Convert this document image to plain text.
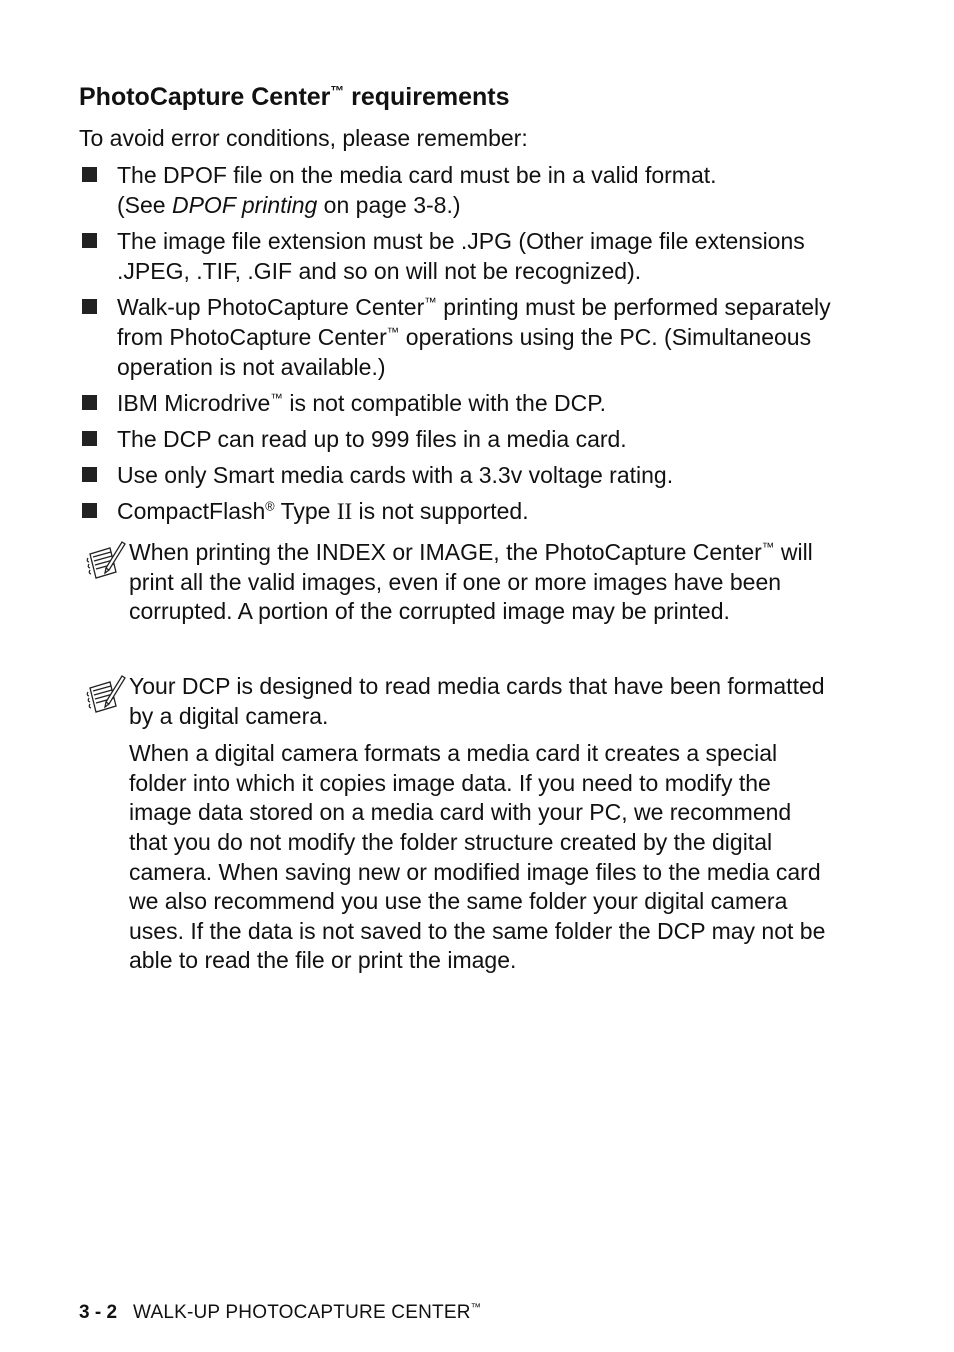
PhotoCapture Center™ requirements

To avoid error conditions, please remember:

The DPOF file on the media card must be in a valid format.
(See DPOF printing on page 3-8.)
The image file extension must be .JPG (Other image file extensions .JPEG, .TIF, .GIF and so on will not be recognized).
Walk-up PhotoCapture Center™ printing must be performed separately from PhotoCapture Center™ operations using the PC. (Simultaneous operation is not available.)
IBM Microdrive™ is not compatible with the DCP.
The DCP can read up to 999 files in a media card.
Use only Smart media cards with a 3.3v voltage rating.
CompactFlash® Type II is not supported.
When printing the INDEX or IMAGE, the PhotoCapture Center™ will print all the valid images, even if one or more images have been corrupted. A portion of the corrupted image may be printed.

Your DCP is designed to read media cards that have been formatted by a digital camera.

When a digital camera formats a media card it creates a special folder into which it copies image data. If you need to modify the image data stored on a media card with your PC, we recommend that you do not modify the folder structure created by the digital camera. When saving new or modified image files to the media card we also recommend you use the same folder your digital camera uses. If the data is not saved to the same folder the DCP may not be able to read the file or print the image.

3 - 2 WALK-UP PHOTOCAPTURE CENTER™
